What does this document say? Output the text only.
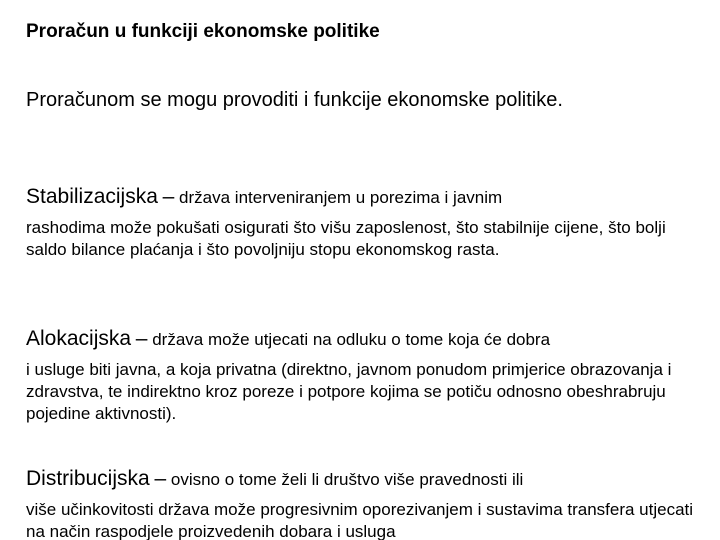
Proračun u funkciji ekonomske politike

Proračunom se mogu provoditi i funkcije ekonomske politike.

Stabilizacijska – država interveniranjem u porezima i javnim

rashodima može pokušati osigurati što višu zaposlenost, što stabilnije cijene, što bolji saldo bilance plaćanja i što povoljniju stopu ekonomskog rasta.

Alokacijska – država može utjecati na odluku o tome koja će dobra

i usluge biti javna, a koja privatna (direktno, javnom ponudom primjerice obrazovanja i zdravstva, te indirektno kroz poreze i potpore kojima se potiču odnosno obeshrabruju pojedine aktivnosti).

Distribucijska – ovisno o tome želi li društvo više pravednosti ili

više učinkovitosti država može progresivnim oporezivanjem i sustavima transfera utjecati na način raspodjele proizvedenih dobara i usluga
